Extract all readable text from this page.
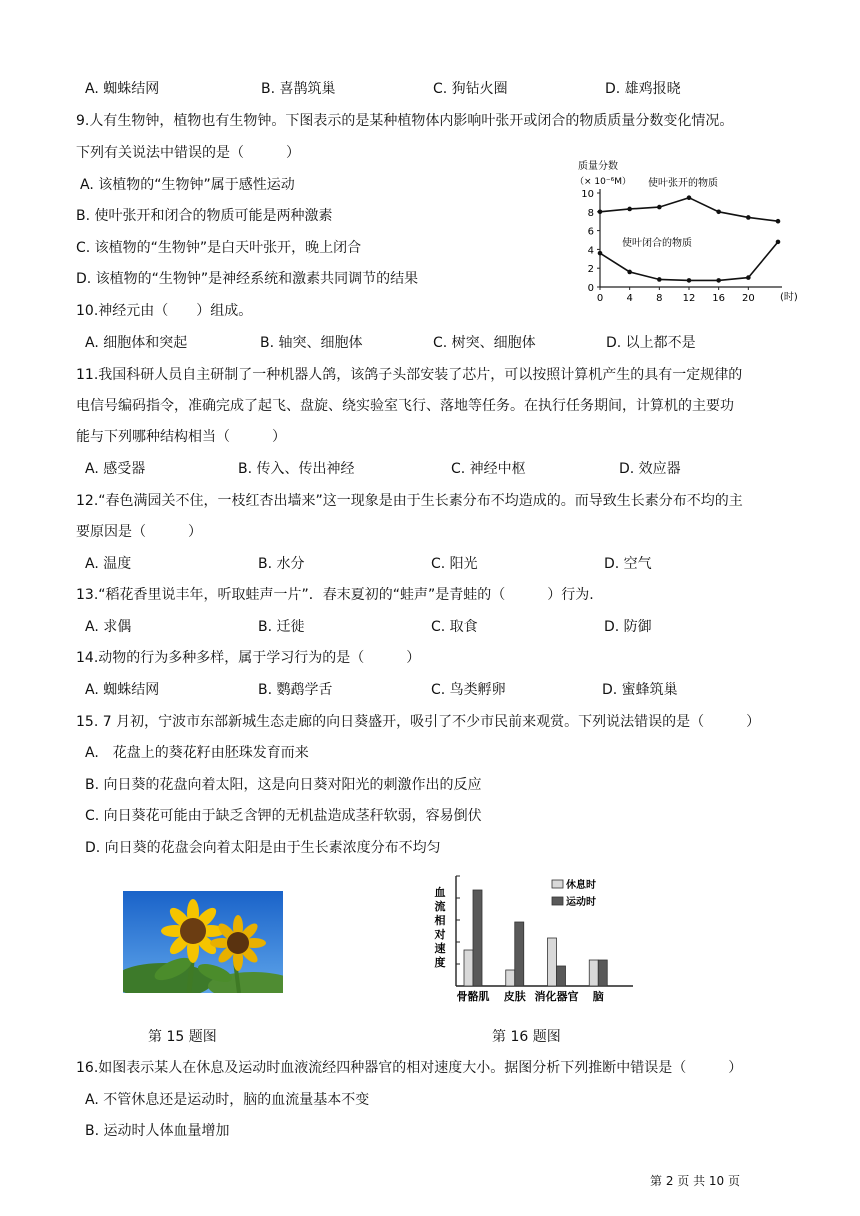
A. 蜘蛛结网	B. 喜鹊筑巢	C. 狗钻火圈	D. 雄鸡报晓
9.人有生物钟，植物也有生物钟。下图表示的是某种植物体内影响叶张开或闭合的物质质量分数变化情况。
下列有关说法中错误的是（　　　）
A. 该植物的“生物钟”属于感性运动
B. 使叶张开和闭合的物质可能是两种激素
C. 该植物的“生物钟”是白天叶张开，晚上闭合
D. 该植物的“生物钟”是神经系统和激素共同调节的结果
质量分数
（× 10⁻⁶M）
0
2
4
6
8
10
0 4 8 12 16 20
使叶张开的物质
使叶闭合的物质
(时)
10.神经元由（　　）组成。
A. 细胞体和突起	B. 轴突、细胞体	C. 树突、细胞体	D. 以上都不是
11.我国科研人员自主研制了一种机器人鸽，该鸽子头部安装了芯片，可以按照计算机产生的具有一定规律的
电信号编码指令，准确完成了起飞、盘旋、绕实验室飞行、落地等任务。在执行任务期间，计算机的主要功
能与下列哪种结构相当（　　　）
A. 感受器	B. 传入、传出神经	C. 神经中枢	D. 效应器
12.“春色满园关不住，一枝红杏出墙来”这一现象是由于生长素分布不均造成的。而导致生长素分布不均的主
要原因是（　　　）
A. 温度	B. 水分	C. 阳光	D. 空气
13.“稻花香里说丰年，听取蛙声一片”．春末夏初的“蛙声”是青蛙的（　　　）行为.
A. 求偶	B. 迁徙	C. 取食	D. 防御
14.动物的行为多种多样，属于学习行为的是（　　　）
A. 蜘蛛结网	B. 鹦鹉学舌	C. 鸟类孵卵	D. 蜜蜂筑巢
15. 7 月初，宁波市东部新城生态走廊的向日葵盛开，吸引了不少市民前来观赏。下列说法错误的是（　　　）
A.　花盘上的葵花籽由胚珠发育而来
B. 向日葵的花盘向着太阳，这是向日葵对阳光的刺激作出的反应
C. 向日葵花可能由于缺乏含钾的无机盐造成茎秆软弱，容易倒伏
D. 向日葵的花盘会向着太阳是由于生长素浓度分布不均匀
第 15 题图
血
流
相
对
速
度
骨骼肌 皮肤 消化器官 脑
休息时
运动时
第 16 题图
16.如图表示某人在休息及运动时血液流经四种器官的相对速度大小。据图分析下列推断中错误是（　　　）
A. 不管休息还是运动时，脑的血流量基本不变
B. 运动时人体血量增加
第 2 页 共 10 页
